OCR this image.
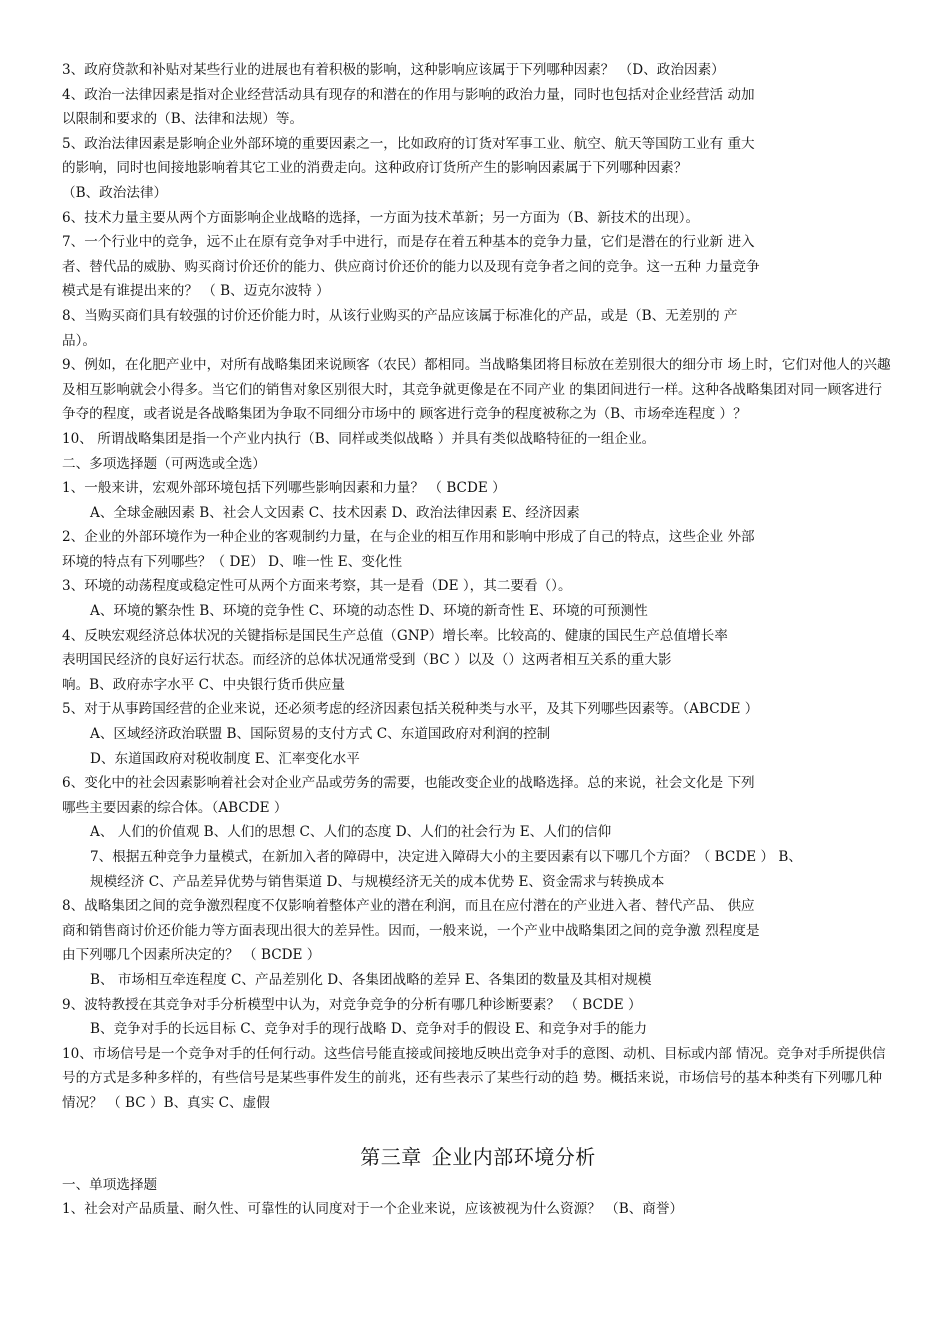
3、政府贷款和补贴对某些行业的进展也有着积极的影响，这种影响应该属于下列哪种因素？ （D、政治因素）
4、政治一法律因素是指对企业经营活动具有现存的和潜在的作用与影响的政治力量，同时也包括对企业经营活 动加
以限制和要求的（B、法律和法规）等。
5、政治法律因素是影响企业外部环境的重要因素之一，比如政府的订货对军事工业、航空、航天等国防工业有 重大
的影响，同时也间接地影响着其它工业的消费走向。这种政府订货所产生的影响因素属于下列哪种因素？
（B、政治法律）
6、技术力量主要从两个方面影响企业战略的选择，一方面为技术革新；另一方面为（B、新技术的出现）。
7、一个行业中的竞争，远不止在原有竞争对手中进行，而是存在着五种基本的竞争力量，它们是潜在的行业新 进入
者、替代品的威胁、购买商讨价还价的能力、供应商讨价还价的能力以及现有竞争者之间的竞争。这一五种 力量竞争
模式是有谁提出来的？ （ B、迈克尔波特 ）
8、当购买商们具有较强的讨价还价能力时，从该行业购买的产品应该属于标准化的产品，或是（B、无差别的 产
品）。
9、例如，在化肥产业中，对所有战略集团来说顾客（农民）都相同。当战略集团将目标放在差别很大的细分市 场上时，它们对他人的兴趣及相互影响就会小得多。当它们的销售对象区别很大时，其竞争就更像是在不同产业 的集团间进行一样。这种各战略集团对同一顾客进行争夺的程度，或者说是各战略集团为争取不同细分市场中的 顾客进行竞争的程度被称之为（B、市场牵连程度 ）？
10、 所谓战略集团是指一个产业内执行（B、同样或类似战略 ）并具有类似战略特征的一组企业。
二、多项选择题（可两选或全选）
1、一般来讲，宏观外部环境包括下列哪些影响因素和力量？ （ BCDE ）
A、全球金融因素 B、社会人文因素 C、技术因素 D、政治法律因素 E、经济因素
2、企业的外部环境作为一种企业的客观制约力量，在与企业的相互作用和影响中形成了自己的特点，这些企业 外部
环境的特点有下列哪些？（ DE） D、唯一性 E、变化性
3、环境的动荡程度或稳定性可从两个方面来考察，其一是看（DE ），其二要看（）。
A、环境的繁杂性 B、环境的竞争性 C、环境的动态性 D、环境的新奇性 E、环境的可预测性
4、反映宏观经济总体状况的关键指标是国民生产总值（GNP）增长率。比较高的、健康的国民生产总值增长率
表明国民经济的良好运行状态。而经济的总体状况通常受到（BC ）以及（）这两者相互关系的重大影
响。B、政府赤字水平 C、中央银行货币供应量
5、对于从事跨国经营的企业来说，还必须考虑的经济因素包括关税种类与水平，及其下列哪些因素等。（ABCDE ）
A、区域经济政治联盟 B、国际贸易的支付方式 C、东道国政府对利润的控制
D、东道国政府对税收制度 E、汇率变化水平
6、变化中的社会因素影响着社会对企业产品或劳务的需要，也能改变企业的战略选择。总的来说，社会文化是 下列
哪些主要因素的综合体。（ABCDE ）
A、 人们的价值观 B、人们的思想 C、人们的态度 D、人们的社会行为 E、人们的信仰
7、根据五种竞争力量模式，在新加入者的障碍中，决定进入障碍大小的主要因素有以下哪几个方面？（ BCDE ） B、
规模经济 C、产品差异优势与销售渠道 D、与规模经济无关的成本优势 E、资金需求与转换成本
8、战略集团之间的竞争激烈程度不仅影响着整体产业的潜在利润，而且在应付潜在的产业进入者、替代产品、 供应
商和销售商讨价还价能力等方面表现出很大的差异性。因而，一般来说，一个产业中战略集团之间的竞争激 烈程度是
由下列哪几个因素所决定的？ （ BCDE ）
B、 市场相互牵连程度 C、产品差别化 D、各集团战略的差异 E、各集团的数量及其相对规模
9、波特教授在其竞争对手分析模型中认为，对竞争竞争的分析有哪几种诊断要素？ （ BCDE ）
B、竞争对手的长远目标 C、竞争对手的现行战略 D、竞争对手的假设 E、和竞争对手的能力
10、市场信号是一个竞争对手的任何行动。这些信号能直接或间接地反映出竞争对手的意图、动机、目标或内部 情况。竞争对手所提供信号的方式是多种多样的，有些信号是某些事件发生的前兆，还有些表示了某些行动的趋 势。概括来说，市场信号的基本种类有下列哪几种情况？ （ BC ）B、真实 C、虚假
第三章 企业内部环境分析
一、单项选择题
1、社会对产品质量、耐久性、可靠性的认同度对于一个企业来说，应该被视为什么资源？ （B、商誉）
